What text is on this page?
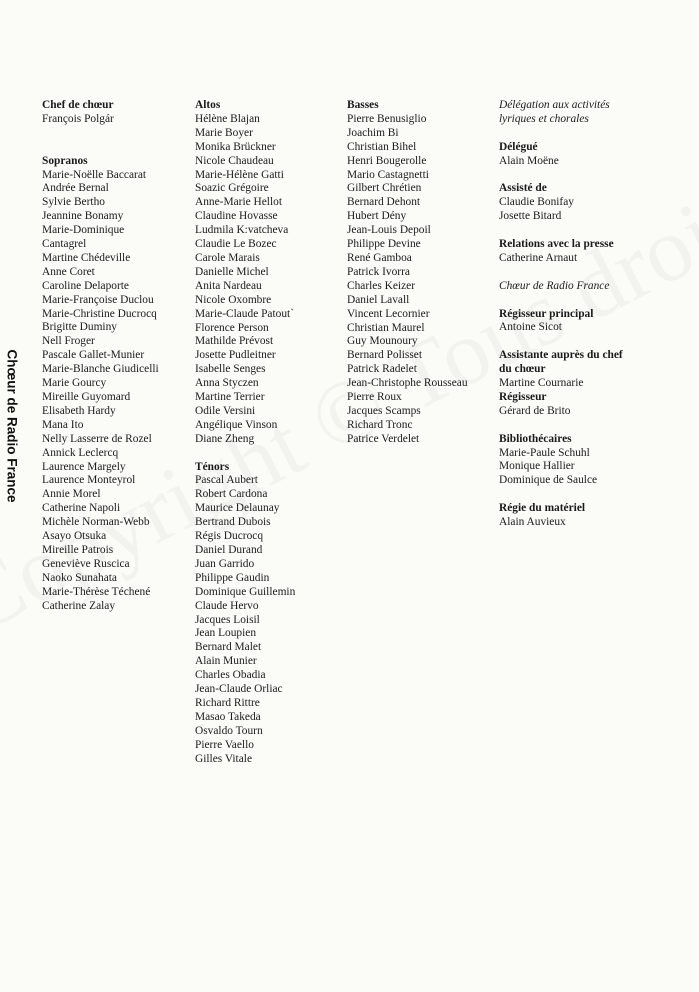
Chœur de Radio France
Chef de chœur
François Polgár
Sopranos
Marie-Noëlle Baccarat
Andrée Bernal
Sylvie Bertho
Jeannine Bonamy
Marie-Dominique
Cantagrel
Martine Chédeville
Anne Coret
Caroline Delaporte
Marie-Françoise Duclou
Marie-Christine Ducrocq
Brigitte Duminy
Nell Froger
Pascale Gallet-Munier
Marie-Blanche Giudicelli
Marie Gourcy
Mireille Guyomard
Elisabeth Hardy
Mana Ito
Nelly Lasserre de Rozel
Annick Leclercq
Laurence Margely
Laurence Monteyrol
Annie Morel
Catherine Napoli
Michèle Norman-Webb
Asayo Otsuka
Mireille Patrois
Geneviève Ruscica
Naoko Sunahata
Marie-Thérèse Téchené
Catherine Zalay
Altos
Hélène Blajan
Marie Boyer
Monika Brückner
Nicole Chaudeau
Marie-Hélène Gatti
Soazic Grégoire
Anne-Marie Hellot
Claudine Hovasse
Ludmila K:vatcheva
Claudie Le Bozec
Carole Marais
Danielle Michel
Anita Nardeau
Nicole Oxombre
Marie-Claude Patout`
Florence Person
Mathilde Prévost
Josette Pudleitner
Isabelle Senges
Anna Styczen
Martine Terrier
Odile Versini
Angélique Vinson
Diane Zheng
Ténors
Pascal Aubert
Robert Cardona
Maurice Delaunay
Bertrand Dubois
Régis Ducrocq
Daniel Durand
Juan Garrido
Philippe Gaudin
Dominique Guillemin
Claude Hervo
Jacques Loisil
Jean Loupien
Bernard Malet
Alain Munier
Charles Obadia
Jean-Claude Orliac
Richard Rittre
Masao Takeda
Osvaldo Tourn
Pierre Vaello
Gilles Vitale
Basses
Pierre Benusiglio
Joachim Bi
Christian Bihel
Henri Bougerolle
Mario Castagnetti
Gilbert Chrétien
Bernard Dehont
Hubert Dény
Jean-Louis Depoil
Philippe Devine
René Gamboa
Patrick Ivorra
Charles Keizer
Daniel Lavall
Vincent Lecornier
Christian Maurel
Guy Mounoury
Bernard Polisset
Patrick Radelet
Jean-Christophe Rousseau
Pierre Roux
Jacques Scamps
Richard Tronc
Patrice Verdelet
Délégation aux activités
lyriques et chorales
Délégué
Alain Moëne
Assisté de
Claudie Bonifay
Josette Bitard
Relations avec la presse
Catherine Arnaut
Chœur de Radio France
Régisseur principal
Antoine Sicot
Assistante auprès du chef
du chœur
Martine Cournarie
Régisseur
Gérard de Brito
Bibliothécaires
Marie-Paule Schuhl
Monique Hallier
Dominique de Saulce
Régie du matériel
Alain Auvieux
